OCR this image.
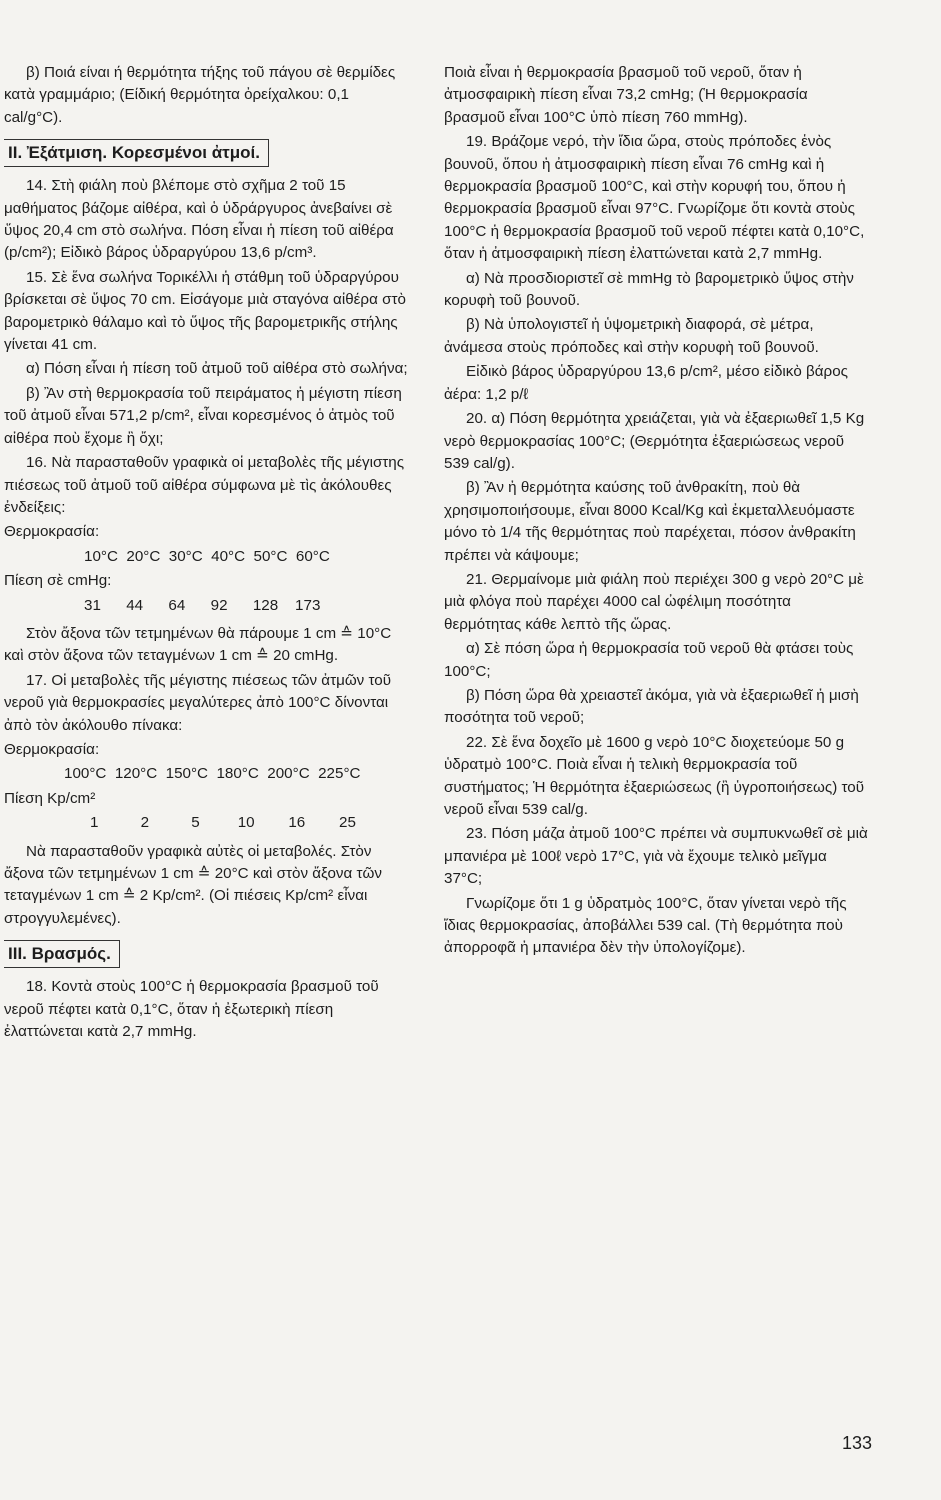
β) Ποιά είναι ή θερμότητα τήξης τοῦ πάγου σὲ θερμίδες κατὰ γραμμάριο; (Είδική θερμότητα ὀρείχαλκου: 0,1 cal/g°C).

II. Ἐξάτμιση. Κορεσμένοι ἀτμοί.

14. Στὴ φιάλη ποὺ βλέπομε στὸ σχῆμα 2 τοῦ 15 μαθήματος βάζομε αἰθέρα, καὶ ὁ ὑδράργυρος ἀνεβαίνει σὲ ὕψος 20,4 cm στὸ σωλήνα. Πόση εἶναι ἡ πίεση τοῦ αἰθέρα (p/cm²); Εἰδικὸ βάρος ὑδραργύρου 13,6 p/cm³.

15. Σὲ ἕνα σωλήνα Τορικέλλι ἡ στάθμη τοῦ ὑδραργύρου βρίσκεται σὲ ὕψος 70 cm. Εἰσάγομε μιὰ σταγόνα αἰθέρα στὸ βαρομετρικὸ θάλαμο καὶ τὸ ὕψος τῆς βαρομετρικῆς στήλης γίνεται 41 cm.

α) Πόση εἶναι ἡ πίεση τοῦ ἀτμοῦ τοῦ αἰθέρα στὸ σωλήνα;

β) Ἂν στὴ θερμοκρασία τοῦ πειράματος ἡ μέγιστη πίεση τοῦ ἀτμοῦ εἶναι 571,2 p/cm², εἶναι κορεσμένος ὁ ἀτμὸς τοῦ αἰθέρα ποὺ ἔχομε ἢ ὄχι;

16. Νὰ παρασταθοῦν γραφικὰ οἱ μεταβολὲς τῆς μέγιστης πιέσεως τοῦ ἀτμοῦ τοῦ αἰθέρα σύμφωνα μὲ τὶς ἀκόλουθες ἐνδείξεις:

Θερμοκρασία:

10°C  20°C  30°C  40°C  50°C  60°C

Πίεση σὲ cmHg:

31      44      64      92      128    173

Στὸν ἄξονα τῶν τετμημένων θὰ πάρουμε 1 cm ≙ 10°C καὶ στὸν ἄξονα τῶν τεταγμένων 1 cm ≙ 20 cmHg.

17. Οἱ μεταβολὲς τῆς μέγιστης πιέσεως τῶν ἀτμῶν τοῦ νεροῦ γιὰ θερμοκρασίες μεγαλύτερες ἀπὸ 100°C δίνονται ἀπὸ τὸν ἀκόλουθο πίνακα:

Θερμοκρασία:

100°C  120°C  150°C  180°C  200°C  225°C

Πίεση Kp/cm²

1          2          5         10        16        25

Νὰ παρασταθοῦν γραφικὰ αὐτὲς οἱ μεταβολές. Στὸν ἄξονα τῶν τετμημένων 1 cm ≙ 20°C καὶ στὸν ἄξονα τῶν τεταγμένων 1 cm ≙ 2 Kp/cm². (Οἱ πιέσεις Kp/cm² εἶναι στρογγυλεμένες).

III. Βρασμός.

18. Κοντὰ στοὺς 100°C ἡ θερμοκρασία βρασμοῦ τοῦ νεροῦ πέφτει κατὰ 0,1°C, ὅταν ἡ ἐξωτερικὴ πίεση ἐλαττώνεται κατὰ 2,7 mmHg.

Ποιὰ εἶναι ἡ θερμοκρασία βρασμοῦ τοῦ νεροῦ, ὅταν ἡ ἀτμοσφαιρικὴ πίεση εἶναι 73,2 cmHg; (Ἡ θερμοκρασία βρασμοῦ εἶναι 100°C ὑπὸ πίεση 760 mmHg).

19. Βράζομε νερό, τὴν ἴδια ὥρα, στοὺς πρόποδες ἑνὸς βουνοῦ, ὅπου ἡ ἀτμοσφαιρικὴ πίεση εἶναι 76 cmHg καὶ ἡ θερμοκρασία βρασμοῦ 100°C, καὶ στὴν κορυφή του, ὅπου ἡ θερμοκρασία βρασμοῦ εἶναι 97°C. Γνωρίζομε ὅτι κοντὰ στοὺς 100°C ἡ θερμοκρασία βρασμοῦ τοῦ νεροῦ πέφτει κατὰ 0,10°C, ὅταν ἡ ἀτμοσφαιρικὴ πίεση ἐλαττώνεται κατὰ 2,7 mmHg.

α) Νὰ προσδιοριστεῖ σὲ mmHg τὸ βαρομετρικὸ ὕψος στὴν κορυφὴ τοῦ βουνοῦ.

β) Νὰ ὑπολογιστεῖ ἡ ὑψομετρικὴ διαφορά, σὲ μέτρα, ἀνάμεσα στοὺς πρόποδες καὶ στὴν κορυφὴ τοῦ βουνοῦ.

Εἰδικὸ βάρος ὑδραργύρου 13,6 p/cm², μέσο εἰδικὸ βάρος ἀέρα: 1,2 p/ℓ

20. α) Πόση θερμότητα χρειάζεται, γιὰ νὰ ἐξαεριωθεῖ 1,5 Kg νερὸ θερμοκρασίας 100°C; (Θερμότητα ἐξαεριώσεως νεροῦ 539 cal/g).

β) Ἂν ἡ θερμότητα καύσης τοῦ ἀνθρακίτη, ποὺ θὰ χρησιμοποιήσουμε, εἶναι 8000 Kcal/Kg καὶ ἐκμεταλλευόμαστε μόνο τὸ 1/4 τῆς θερμότητας ποὺ παρέχεται, πόσον ἀνθρακίτη πρέπει νὰ κάψουμε;

21. Θερμαίνομε μιὰ φιάλη ποὺ περιέχει 300 g νερὸ 20°C μὲ μιὰ φλόγα ποὺ παρέχει 4000 cal ὠφέλιμη ποσότητα θερμότητας κάθε λεπτὸ τῆς ὥρας.

α) Σὲ πόση ὥρα ἡ θερμοκρασία τοῦ νεροῦ θὰ φτάσει τοὺς 100°C;

β) Πόση ὥρα θὰ χρειαστεῖ ἀκόμα, γιὰ νὰ ἐξαεριωθεῖ ἡ μισὴ ποσότητα τοῦ νεροῦ;

22. Σὲ ἕνα δοχεῖο μὲ 1600 g νερὸ 10°C διοχετεύομε 50 g ὑδρατμὸ 100°C. Ποιὰ εἶναι ἡ τελικὴ θερμοκρασία τοῦ συστήματος; Ἡ θερμότητα ἐξαεριώσεως (ἢ ὑγροποιήσεως) τοῦ νεροῦ εἶναι 539 cal/g.

23. Πόση μάζα ἀτμοῦ 100°C πρέπει νὰ συμπυκνωθεῖ σὲ μιὰ μπανιέρα μὲ 100ℓ νερὸ 17°C, γιὰ νὰ ἔχουμε τελικὸ μεῖγμα 37°C;

Γνωρίζομε ὅτι 1 g ὑδρατμὸς 100°C, ὅταν γίνεται νερὸ τῆς ἴδιας θερμοκρασίας, ἀποβάλλει 539 cal. (Τὴ θερμότητα ποὺ ἀπορροφᾶ ἡ μπανιέρα δὲν τὴν ὑπολογίζομε).

133
